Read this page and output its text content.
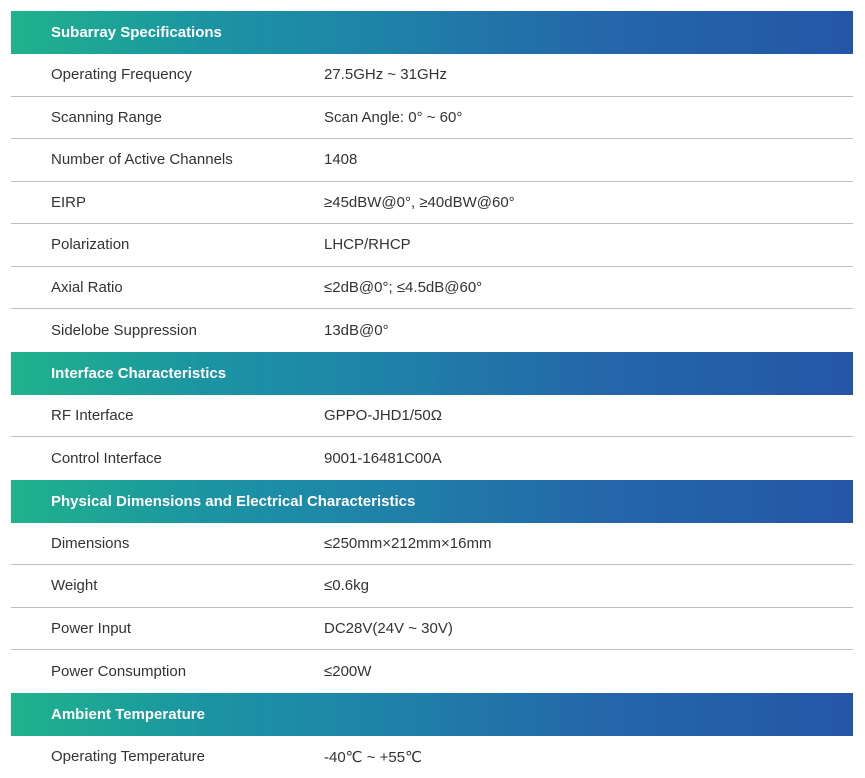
Subarray Specifications
Operating Frequency	27.5GHz ~ 31GHz
Scanning Range	Scan Angle: 0° ~ 60°
Number of Active Channels	1408
EIRP	≥45dBW@0°, ≥40dBW@60°
Polarization	LHCP/RHCP
Axial Ratio	≤2dB@0°; ≤4.5dB@60°
Sidelobe Suppression	13dB@0°
Interface Characteristics
RF Interface	GPPO-JHD1/50Ω
Control Interface	9001-16481C00A
Physical Dimensions and Electrical Characteristics
Dimensions	≤250mm×212mm×16mm
Weight	≤0.6kg
Power Input	DC28V(24V ~ 30V)
Power Consumption	≤200W
Ambient Temperature
Operating Temperature	-40℃ ~ +55℃
